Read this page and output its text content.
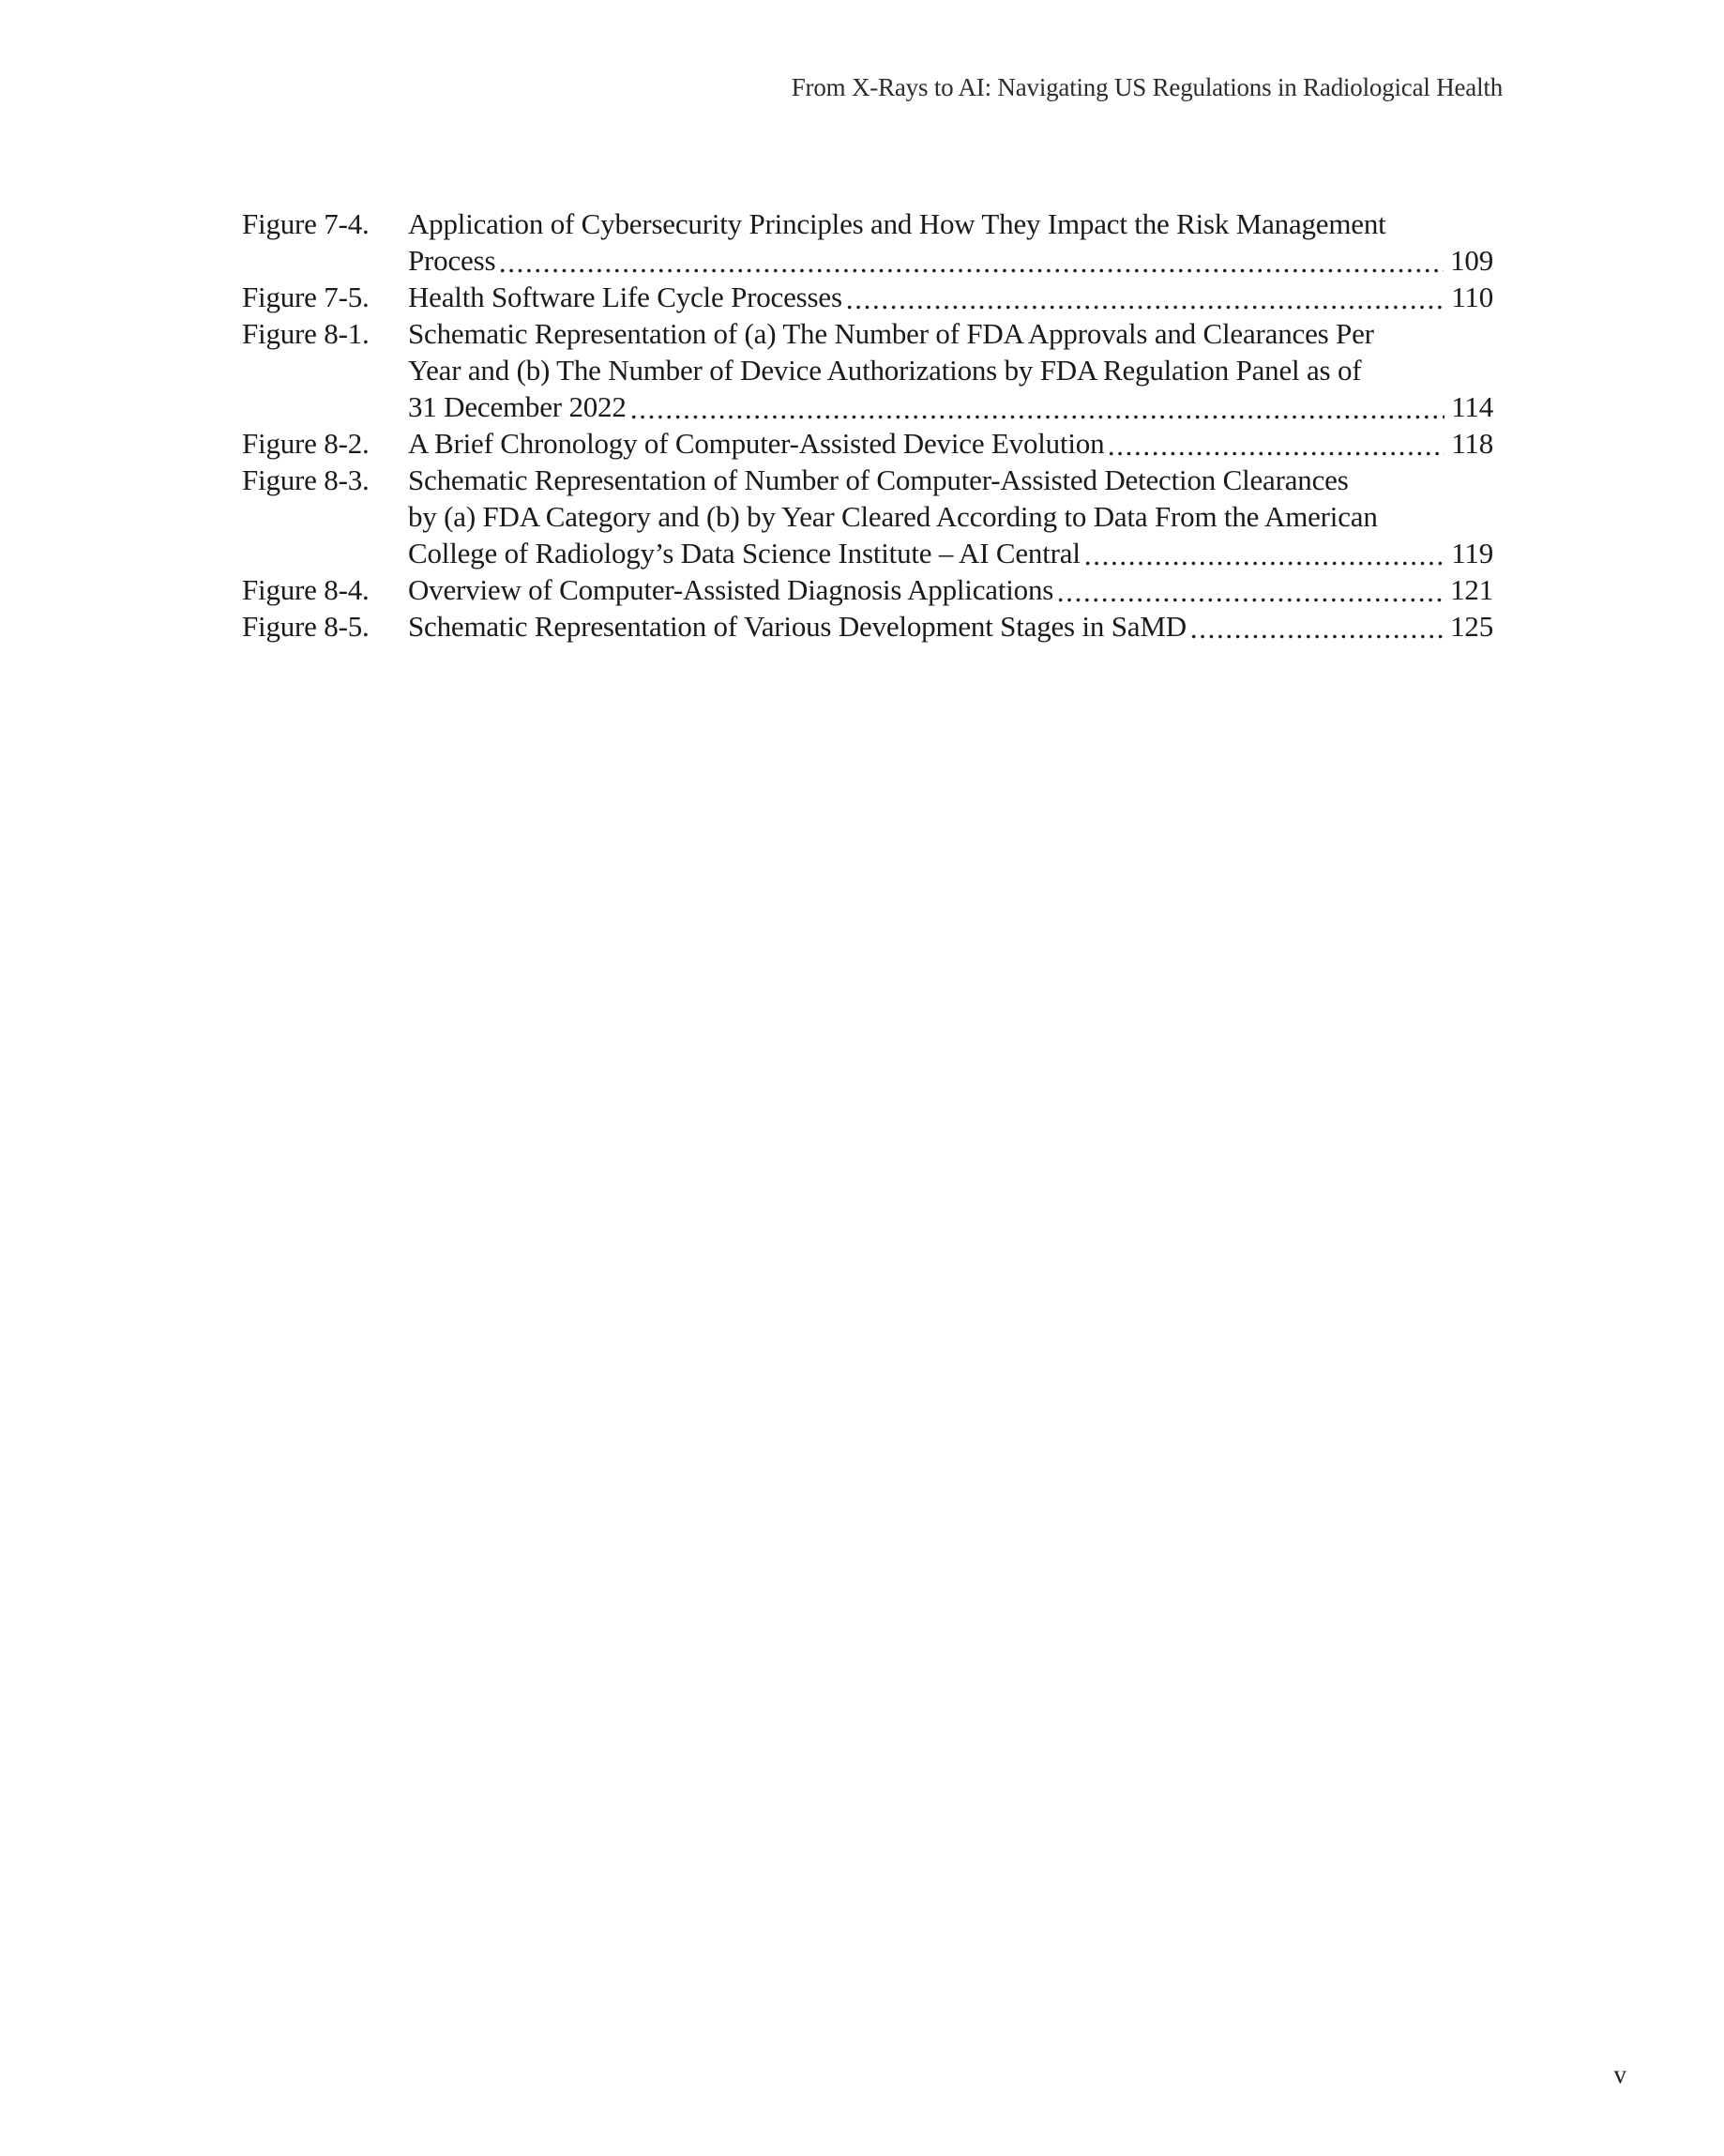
From X-Rays to AI: Navigating US Regulations in Radiological Health
Figure 7-4.	Application of Cybersecurity Principles and How They Impact the Risk Management
Process	109
Figure 7-5.	Health Software Life Cycle Processes	110
Figure 8-1.	Schematic Representation of (a) The Number of FDA Approvals and Clearances Per
Year and (b) The Number of Device Authorizations by FDA Regulation Panel as of
31 December 2022	114
Figure 8-2.	A Brief Chronology of Computer-Assisted Device Evolution	118
Figure 8-3.	Schematic Representation of Number of Computer-Assisted Detection Clearances
by (a) FDA Category and (b) by Year Cleared According to Data From the American
College of Radiology’s Data Science Institute – AI Central	119
Figure 8-4.	Overview of Computer-Assisted Diagnosis Applications	121
Figure 8-5.	Schematic Representation of Various Development Stages in SaMD	125
v
